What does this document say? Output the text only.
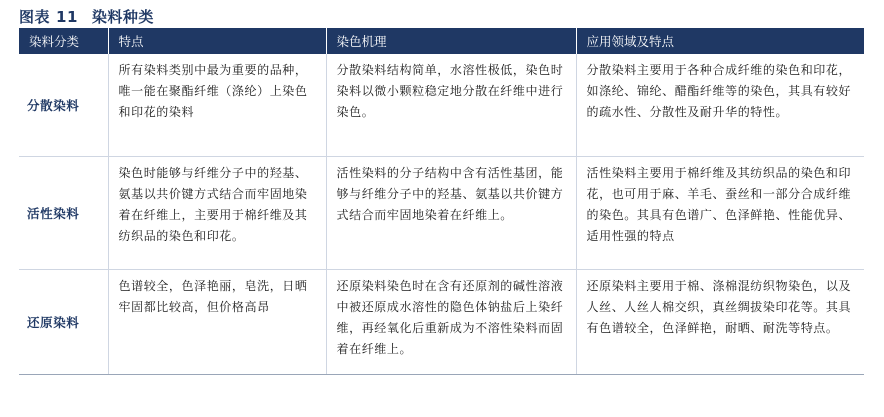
图表 11 染料种类
染料分类	特点	染色机理	应用领域及特点
分散染料	所有染料类别中最为重要的品种，唯一能在聚酯纤维（涤纶）上染色和印花的染料	分散染料结构简单，水溶性极低，染色时染料以微小颗粒稳定地分散在纤维中进行染色。	分散染料主要用于各种合成纤维的染色和印花，如涤纶、锦纶、醋酯纤维等的染色，其具有较好的疏水性、分散性及耐升华的特性。
活性染料	染色时能够与纤维分子中的羟基、氨基以共价键方式结合而牢固地染着在纤维上，主要用于棉纤维及其纺织品的染色和印花。	活性染料的分子结构中含有活性基团，能够与纤维分子中的羟基、氨基以共价键方式结合而牢固地染着在纤维上。	活性染料主要用于棉纤维及其纺织品的染色和印花，也可用于麻、羊毛、蚕丝和一部分合成纤维的染色。其具有色谱广、色泽鲜艳、性能优异、适用性强的特点
还原染料	色谱较全，色泽艳丽，皂洗，日晒牢固都比较高，但价格高昂	还原染料染色时在含有还原剂的碱性溶液中被还原成水溶性的隐色体钠盐后上染纤维，再经氧化后重新成为不溶性染料而固着在纤维上。	还原染料主要用于棉、涤棉混纺织物染色，以及人丝、人丝人棉交织，真丝绸拔染印花等。其具有色谱较全，色泽鲜艳，耐晒、耐洗等特点。
